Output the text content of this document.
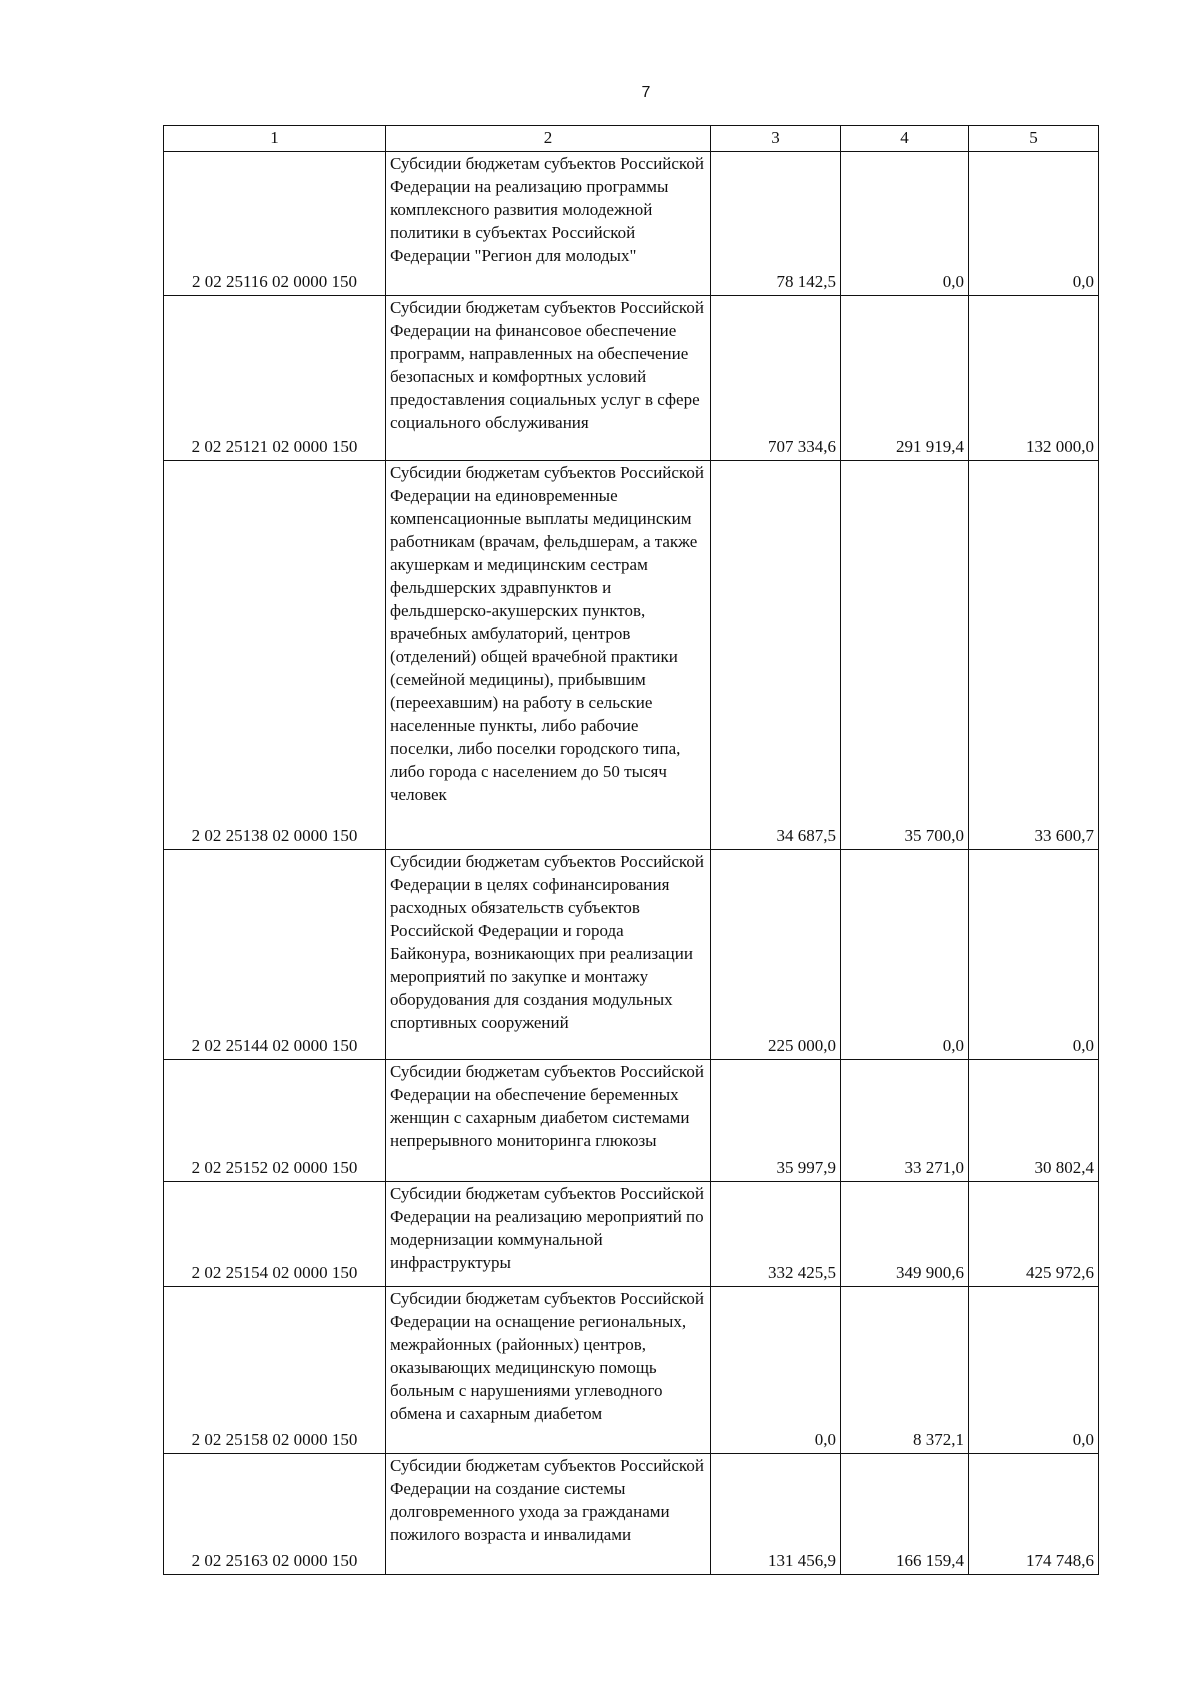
7
1	2	3	4	5
2 02 25116 02 0000 150	Субсидии бюджетам субъектов Российской Федерации на реализацию программы комплексного развития молодежной политики в субъектах Российской Федерации "Регион для молодых"	78 142,5	0,0	0,0
2 02 25121 02 0000 150	Субсидии бюджетам субъектов Российской Федерации на финансовое обеспечение программ, направленных на обеспечение безопасных и комфортных условий предоставления социальных услуг в сфере социального обслуживания	707 334,6	291 919,4	132 000,0
2 02 25138 02 0000 150	Субсидии бюджетам субъектов Российской Федерации на единовременные компенсационные выплаты медицинским работникам (врачам, фельдшерам, а также акушеркам и медицинским сестрам фельдшерских здравпунктов и фельдшерско-акушерских пунктов, врачебных амбулаторий, центров (отделений) общей врачебной практики (семейной медицины), прибывшим (переехавшим) на работу в сельские населенные пункты, либо рабочие поселки, либо поселки городского типа, либо города с населением до 50 тысяч человек	34 687,5	35 700,0	33 600,7
2 02 25144 02 0000 150	Субсидии бюджетам субъектов Российской Федерации в целях софинансирования расходных обязательств субъектов Российской Федерации и города Байконура, возникающих при реализации мероприятий по закупке и монтажу оборудования для создания модульных спортивных сооружений	225 000,0	0,0	0,0
2 02 25152 02 0000 150	Субсидии бюджетам субъектов Российской Федерации на обеспечение беременных женщин с сахарным диабетом системами непрерывного мониторинга глюкозы	35 997,9	33 271,0	30 802,4
2 02 25154 02 0000 150	Субсидии бюджетам субъектов Российской Федерации на реализацию мероприятий по модернизации коммунальной инфраструктуры	332 425,5	349 900,6	425 972,6
2 02 25158 02 0000 150	Субсидии бюджетам субъектов Российской Федерации на оснащение региональных, межрайонных (районных) центров, оказывающих медицинскую помощь больным с нарушениями углеводного обмена и сахарным диабетом	0,0	8 372,1	0,0
2 02 25163 02 0000 150	Субсидии бюджетам субъектов Российской Федерации на создание системы долговременного ухода за гражданами пожилого возраста и инвалидами	131 456,9	166 159,4	174 748,6
